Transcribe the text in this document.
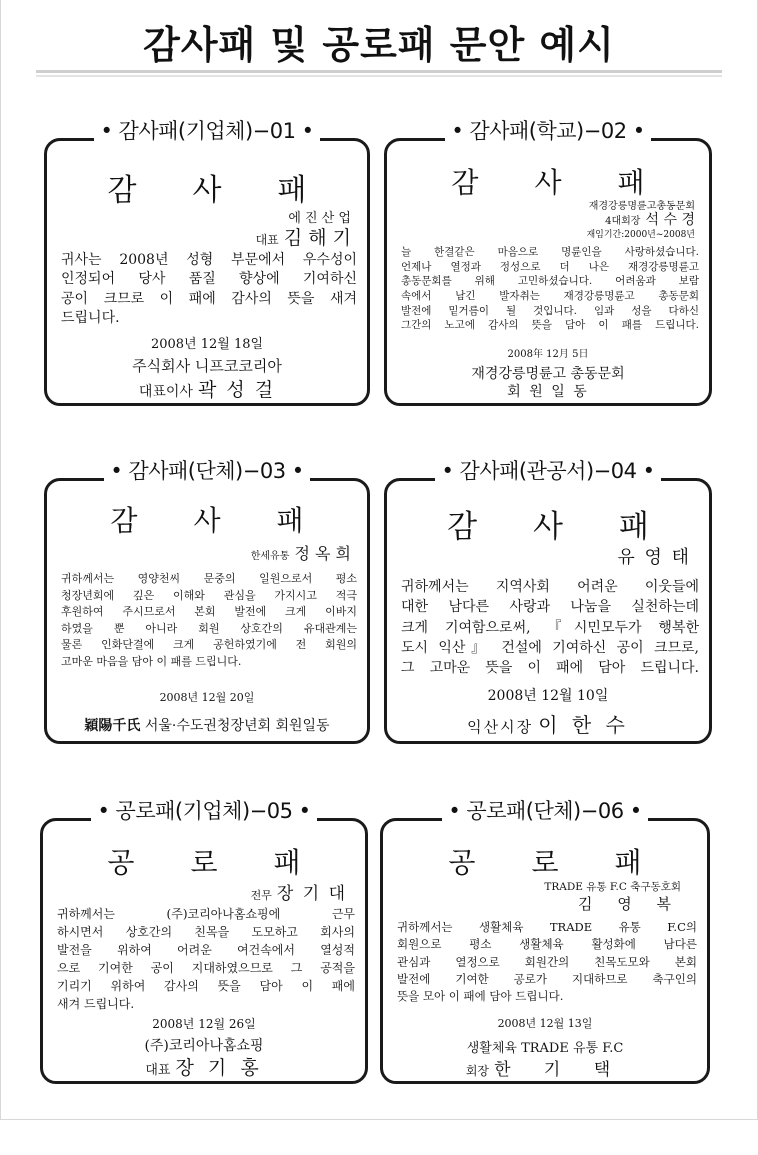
감사패 및 공로패 문안 예시
• 감사패(기업체)−01 •
감 사 패
에 진 산 업
대표 김 해 기
귀사는 2008년 성형 부문에서 우수성이
인정되어 당사 품질 향상에 기여하신
공이 크므로 이 패에 감사의 뜻을 새겨
드립니다.
2008년 12월 18일
주식회사 니프코코리아
대표이사 곽 성 걸
• 감사패(학교)−02 •
감 사 패
재경강릉명륜고총동문회
4대회장 석 수 경
재임기간:2000년~2008년
늘 한결같은 마음으로 명륜인을 사랑하셨습니다.
언제나 열정과 정성으로 더 나은 재경강릉명륜고
총동문회를 위해 고민하셨습니다. 어려움과 보람
속에서 남긴 발자취는 재경강릉명륜고 총동문회
발전에 밑거름이 될 것입니다. 임과 성을 다하신
그간의 노고에 감사의 뜻을 담아 이 패를 드립니다.
2008年 12月 5日
재경강릉명륜고 총동문회
회 원 일 동
• 감사패(단체)−03 •
감 사 패
한세유통 정 옥 희
귀하께서는 영양천씨 문중의 일원으로서 평소
청장년회에 깊은 이해와 관심을 가지시고 적극
후원하여 주시므로서 본회 발전에 크게 이바지
하였을 뿐 아니라 회원 상호간의 유대관계는
물론 인화단결에 크게 공헌하였기에 전 회원의
고마운 마음을 담아 이 패를 드립니다.
2008년 12월 20일
穎陽千氏 서울·수도권청장년회 회원일동
• 감사패(관공서)−04 •
감 사 패
유 영 태
귀하께서는 지역사회 어려운 이웃들에
대한 남다른 사랑과 나눔을 실천하는데
크게 기여함으로써, 『시민모두가 행복한
도시 익산』 건설에 기여하신 공이 크므로,
그 고마운 뜻을 이 패에 담아 드립니다.
2008년 12월 10일
익산시장 이 한 수
• 공로패(기업체)−05 •
공 로 패
전무 장 기 대
귀하께서는 (주)코리아나홈쇼핑에 근무
하시면서 상호간의 친목을 도모하고 회사의
발전을 위하여 어려운 여건속에서 열성적
으로 기여한 공이 지대하였으므로 그 공적을
기리기 위하여 감사의 뜻을 담아 이 패에
새겨 드립니다.
2008년 12월 26일
(주)코리아나홈쇼핑
대표 장 기 홍
• 공로패(단체)−06 •
공 로 패
TRADE 유통 F.C 축구동호회
김 영 복
귀하께서는 생활체육 TRADE 유통 F.C의
회원으로 평소 생활체육 활성화에 남다른
관심과 열정으로 회원간의 친목도모와 본회
발전에 기여한 공로가 지대하므로 축구인의
뜻을 모아 이 패에 담아 드립니다.
2008년 12월 13일
생활체육 TRADE 유통 F.C
회장 한 기 택
